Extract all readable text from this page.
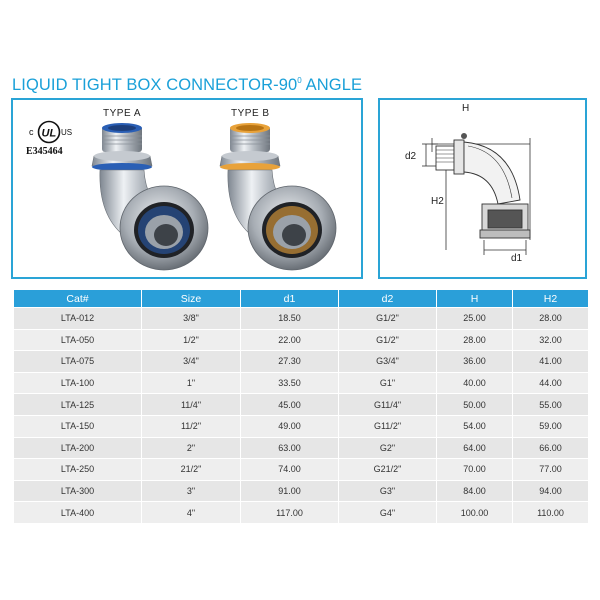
LIQUID TIGHT BOX CONNECTOR-$90^0$ ANGLE
c UL US
E345464
TYPE A	TYPE B	H
d2
H2
d1
Cat#	Size	d1	d2	H	H2
LTA-012	3/8"	18.50	G1/2"	25.00	28.00
LTA-050	1/2"	22.00	G1/2"	28.00	32.00
LTA-075	3/4"	27.30	G3/4"	36.00	41.00
LTA-100	1"	33.50	G1"	40.00	44.00
LTA-125	11/4"	45.00	G11/4"	50.00	55.00
LTA-150	11/2"	49.00	G11/2"	54.00	59.00
LTA-200	2"	63.00	G2"	64.00	66.00
LTA-250	21/2"	74.00	G21/2"	70.00	77.00
LTA-300	3"	91.00	G3"	84.00	94.00
LTA-400	4"	117.00	G4"	100.00	110.00
